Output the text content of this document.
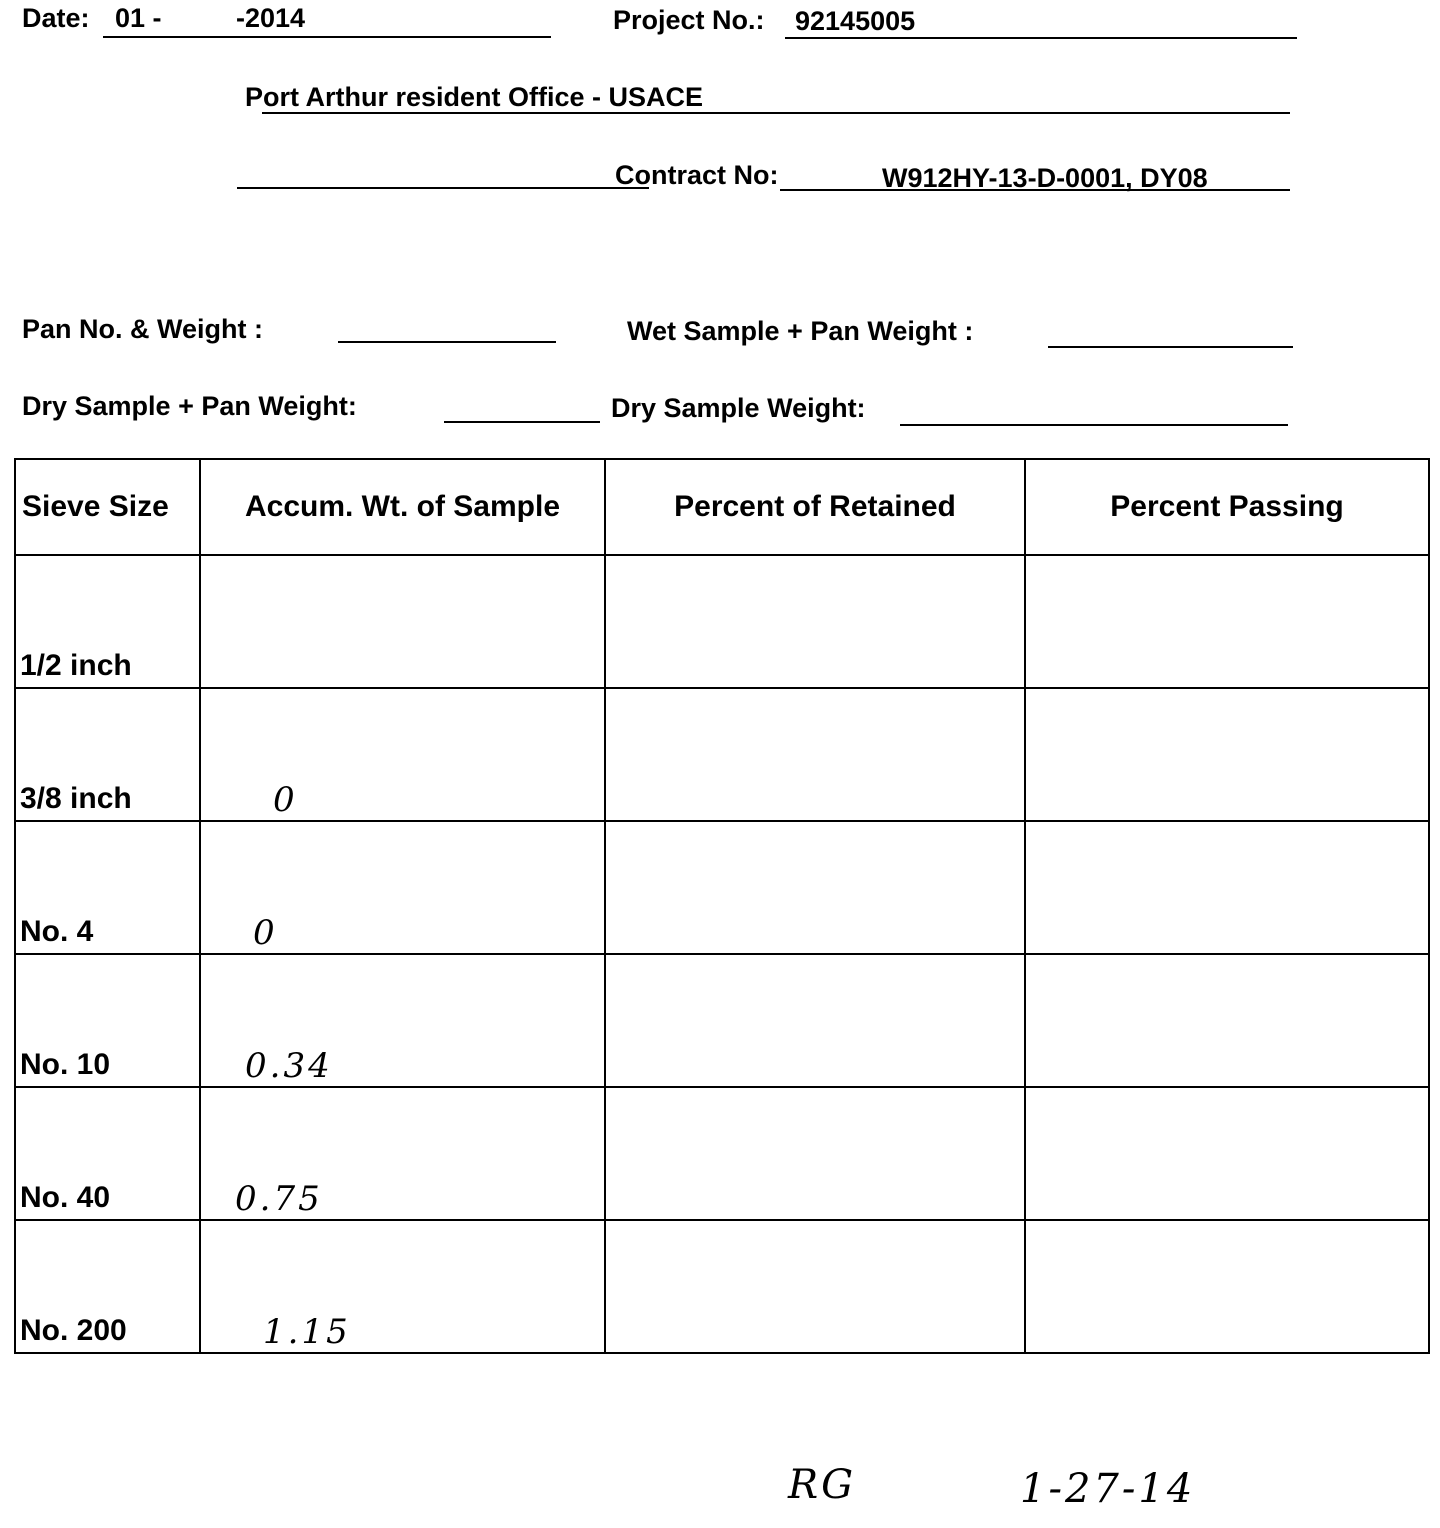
Date: 01 -	-2014	Project No.: 92145005
Port Arthur resident Office - USACE
Contract No:	W912HY-13-D-0001, DY08
Pan No. & Weight :	Wet Sample + Pan Weight :
Dry Sample + Pan Weight:	Dry Sample Weight:
Sieve Size	Accum. Wt. of Sample	Percent of Retained	Percent Passing

1/2 inch			

3/8 inch	0		

No. 4	0		

No. 10	0.34		

No. 40	0.75		

No. 200	1.15		

RG	1-27-14
